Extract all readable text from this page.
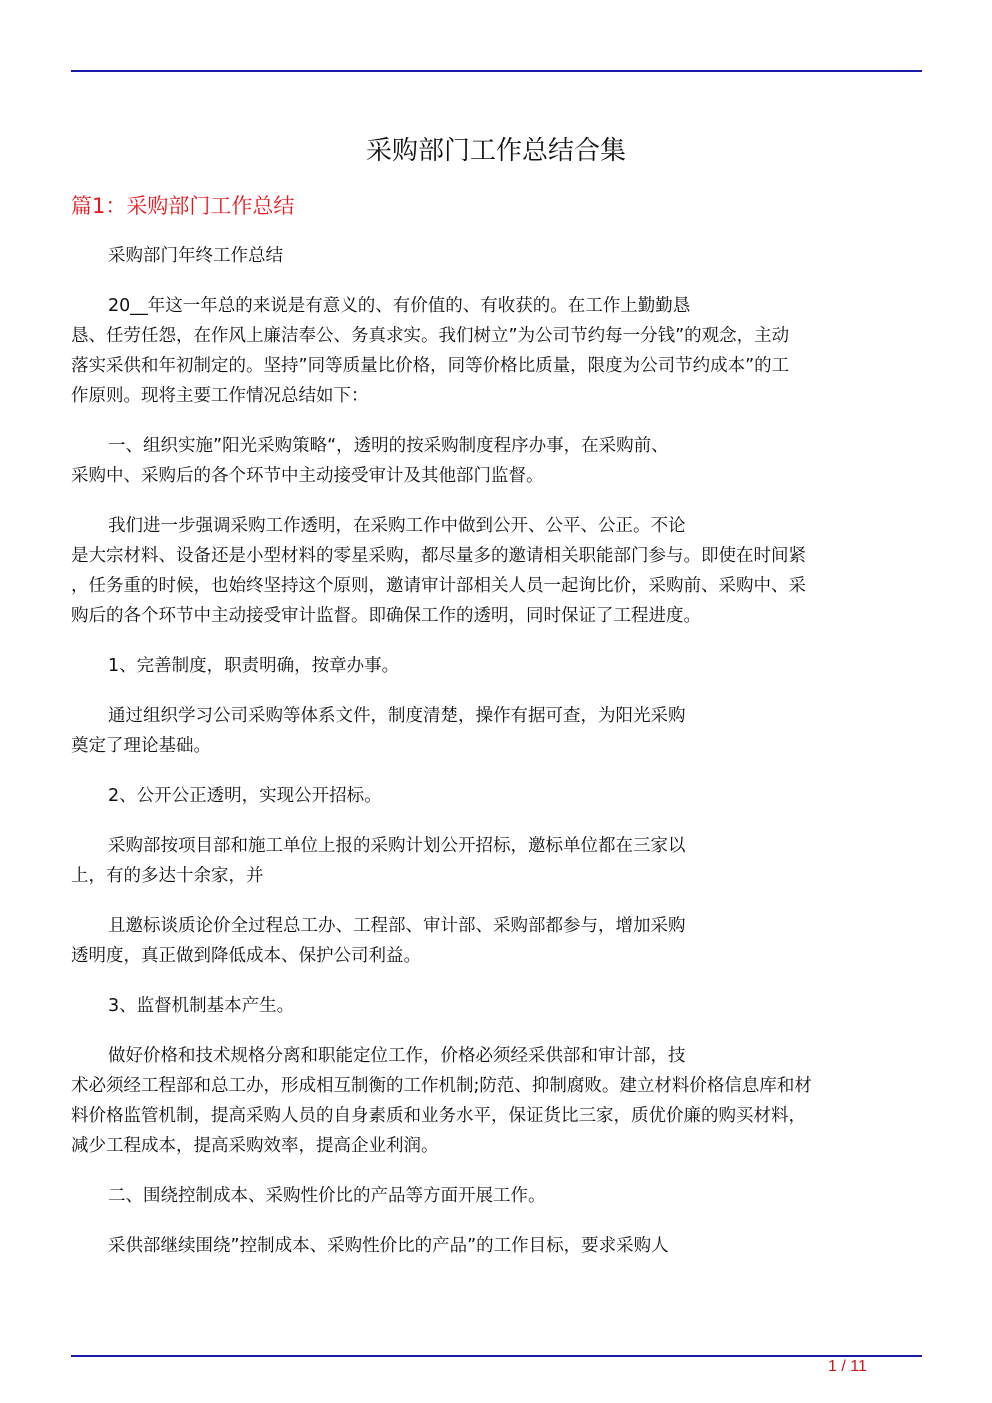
采购部门工作总结合集
篇1：采购部门工作总结
采购部门年终工作总结
20__年这一年总的来说是有意义的、有价值的、有收获的。在工作上勤勤恳
恳、任劳任怨，在作风上廉洁奉公、务真求实。我们树立”为公司节约每一分钱”的观念，主动
落实采供和年初制定的。坚持”同等质量比价格，同等价格比质量，限度为公司节约成本”的工
作原则。现将主要工作情况总结如下：
一、组织实施”阳光采购策略“，透明的按采购制度程序办事，在采购前、
采购中、采购后的各个环节中主动接受审计及其他部门监督。
我们进一步强调采购工作透明，在采购工作中做到公开、公平、公正。不论
是大宗材料、设备还是小型材料的零星采购，都尽量多的邀请相关职能部门参与。即使在时间紧
，任务重的时候，也始终坚持这个原则，邀请审计部相关人员一起询比价，采购前、采购中、采
购后的各个环节中主动接受审计监督。即确保工作的透明，同时保证了工程进度。
1、完善制度，职责明确，按章办事。
通过组织学习公司采购等体系文件，制度清楚，操作有据可查，为阳光采购
奠定了理论基础。
2、公开公正透明，实现公开招标。
采购部按项目部和施工单位上报的采购计划公开招标，邀标单位都在三家以
上，有的多达十余家，并
且邀标谈质论价全过程总工办、工程部、审计部、采购部都参与，增加采购
透明度，真正做到降低成本、保护公司利益。
3、监督机制基本产生。
做好价格和技术规格分离和职能定位工作，价格必须经采供部和审计部，技
术必须经工程部和总工办，形成相互制衡的工作机制;防范、抑制腐败。建立材料价格信息库和材
料价格监管机制，提高采购人员的自身素质和业务水平，保证货比三家，质优价廉的购买材料，
减少工程成本，提高采购效率，提高企业利润。
二、围绕控制成本、采购性价比的产品等方面开展工作。
采供部继续围绕”控制成本、采购性价比的产品”的工作目标，要求采购人
1 / 11
